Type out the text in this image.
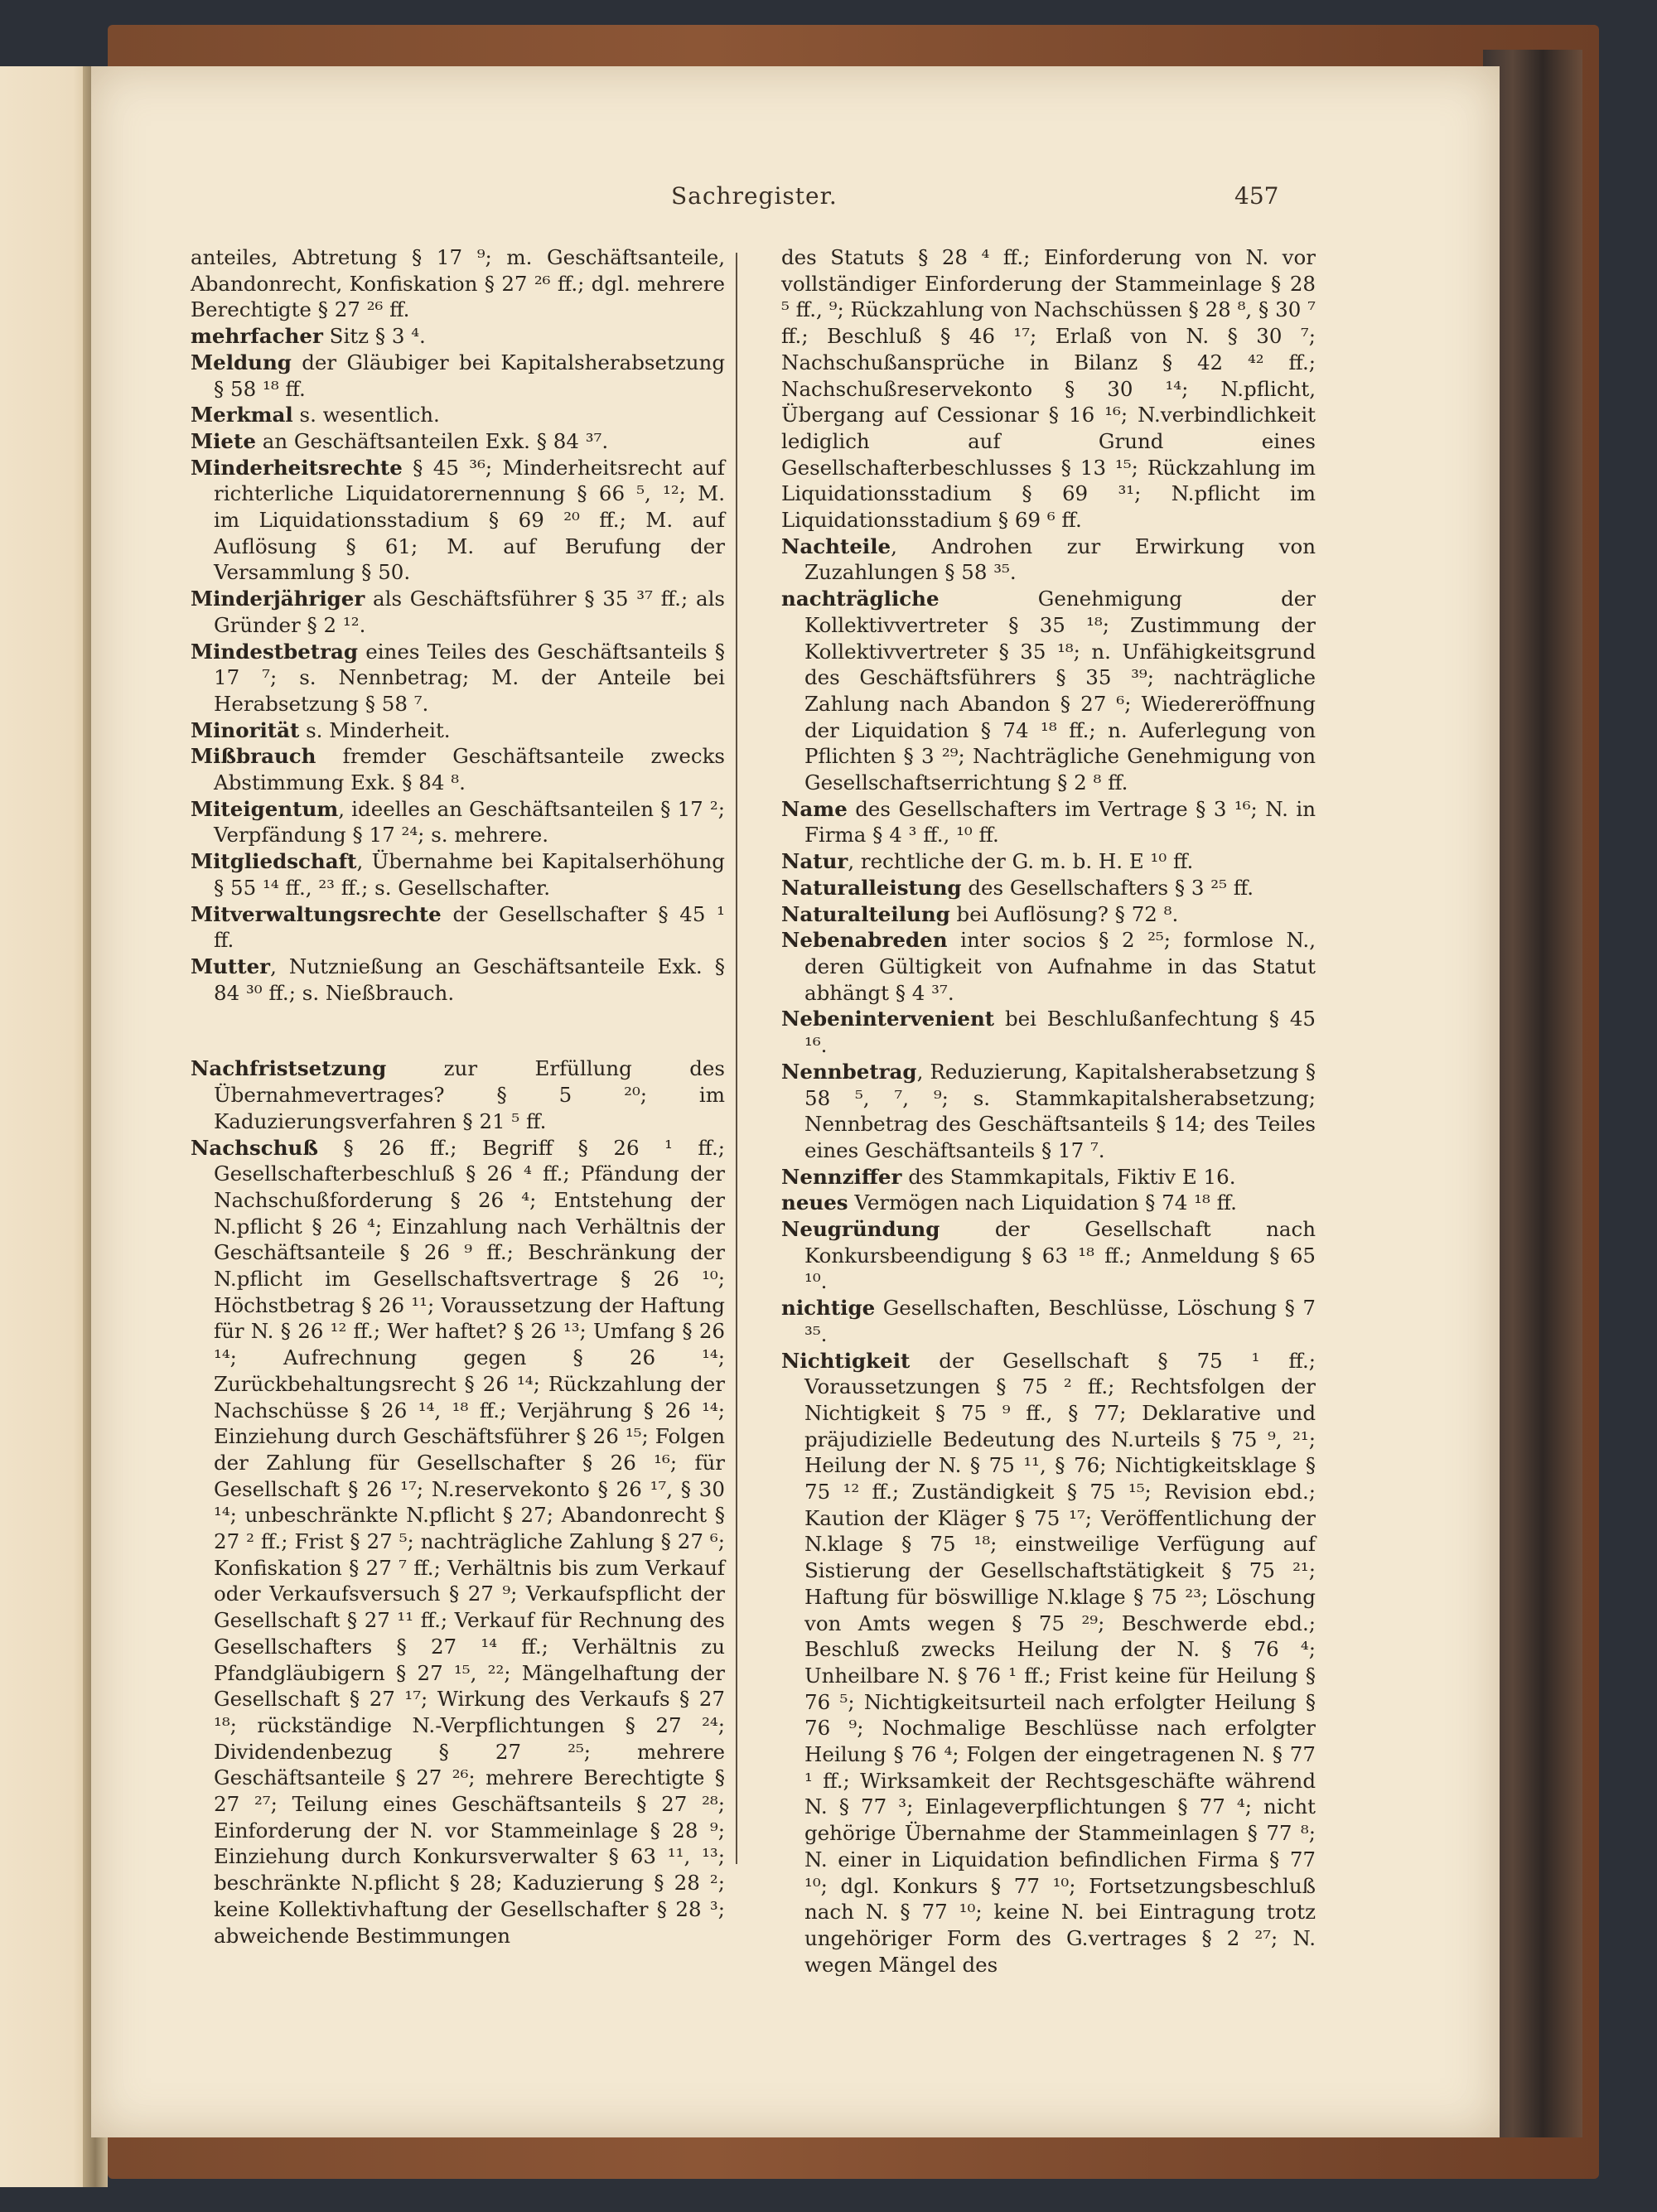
Sachregister.	457

anteiles, Abtretung § 17 ⁹; m. Geschäftsanteile, Abandonrecht, Konfiskation § 27 ²⁶ ff.; dgl. mehrere Berechtigte § 27 ²⁶ ff.

mehrfacher Sitz § 3 ⁴.

Meldung der Gläubiger bei Kapitalsherabsetzung § 58 ¹⁸ ff.

Merkmal s. wesentlich.

Miete an Geschäftsanteilen Exk. § 84 ³⁷.

Minderheitsrechte § 45 ³⁶; Minderheitsrecht auf richterliche Liquidatorernennung § 66 ⁵, ¹²; M. im Liquidationsstadium § 69 ²⁰ ff.; M. auf Auflösung § 61; M. auf Berufung der Versammlung § 50.

Minderjähriger als Geschäftsführer § 35 ³⁷ ff.; als Gründer § 2 ¹².

Mindestbetrag eines Teiles des Geschäftsanteils § 17 ⁷; s. Nennbetrag; M. der Anteile bei Herabsetzung § 58 ⁷.

Minorität s. Minderheit.

Mißbrauch fremder Geschäftsanteile zwecks Abstimmung Exk. § 84 ⁸.

Miteigentum, ideelles an Geschäftsanteilen § 17 ²; Verpfändung § 17 ²⁴; s. mehrere.

Mitgliedschaft, Übernahme bei Kapitalserhöhung § 55 ¹⁴ ff., ²³ ff.; s. Gesellschafter.

Mitverwaltungsrechte der Gesellschafter § 45 ¹ ff.

Mutter, Nutznießung an Geschäftsanteile Exk. § 84 ³⁰ ff.; s. Nießbrauch.

Nachfristsetzung zur Erfüllung des Übernahmevertrages? § 5 ²⁰; im Kaduzierungsverfahren § 21 ⁵ ff.

Nachschuß § 26 ff.; Begriff § 26 ¹ ff.; Gesellschafterbeschluß § 26 ⁴ ff.; Pfändung der Nachschußforderung § 26 ⁴; Entstehung der N.pflicht § 26 ⁴; Einzahlung nach Verhältnis der Geschäftsanteile § 26 ⁹ ff.; Beschränkung der N.pflicht im Gesellschaftsvertrage § 26 ¹⁰; Höchstbetrag § 26 ¹¹; Voraussetzung der Haftung für N. § 26 ¹² ff.; Wer haftet? § 26 ¹³; Umfang § 26 ¹⁴; Aufrechnung gegen § 26 ¹⁴; Zurückbehaltungsrecht § 26 ¹⁴; Rückzahlung der Nachschüsse § 26 ¹⁴, ¹⁸ ff.; Verjährung § 26 ¹⁴; Einziehung durch Geschäftsführer § 26 ¹⁵; Folgen der Zahlung für Gesellschafter § 26 ¹⁶; für Gesellschaft § 26 ¹⁷; N.reservekonto § 26 ¹⁷, § 30 ¹⁴; unbeschränkte N.pflicht § 27; Abandonrecht § 27 ² ff.; Frist § 27 ⁵; nachträgliche Zahlung § 27 ⁶; Konfiskation § 27 ⁷ ff.; Verhältnis bis zum Verkauf oder Verkaufsversuch § 27 ⁹; Verkaufspflicht der Gesellschaft § 27 ¹¹ ff.; Verkauf für Rechnung des Gesellschafters § 27 ¹⁴ ff.; Verhältnis zu Pfandgläubigern § 27 ¹⁵, ²²; Mängelhaftung der Gesellschaft § 27 ¹⁷; Wirkung des Verkaufs § 27 ¹⁸; rückständige N.-Verpflichtungen § 27 ²⁴; Dividendenbezug § 27 ²⁵; mehrere Geschäftsanteile § 27 ²⁶; mehrere Berechtigte § 27 ²⁷; Teilung eines Geschäftsanteils § 27 ²⁸; Einforderung der N. vor Stammeinlage § 28 ⁹; Einziehung durch Konkursverwalter § 63 ¹¹, ¹³; beschränkte N.pflicht § 28; Kaduzierung § 28 ²; keine Kollektivhaftung der Gesellschafter § 28 ³; abweichende Bestimmungen

des Statuts § 28 ⁴ ff.; Einforderung von N. vor vollständiger Einforderung der Stammeinlage § 28 ⁵ ff., ⁹; Rückzahlung von Nachschüssen § 28 ⁸, § 30 ⁷ ff.; Beschluß § 46 ¹⁷; Erlaß von N. § 30 ⁷; Nachschußansprüche in Bilanz § 42 ⁴² ff.; Nachschußreservekonto § 30 ¹⁴; N.pflicht, Übergang auf Cessionar § 16 ¹⁶; N.verbindlichkeit lediglich auf Grund eines Gesellschafterbeschlusses § 13 ¹⁵; Rückzahlung im Liquidationsstadium § 69 ³¹; N.pflicht im Liquidationsstadium § 69 ⁶ ff.

Nachteile, Androhen zur Erwirkung von Zuzahlungen § 58 ³⁵.

nachträgliche Genehmigung der Kollektivvertreter § 35 ¹⁸; Zustimmung der Kollektivvertreter § 35 ¹⁸; n. Unfähigkeitsgrund des Geschäftsführers § 35 ³⁹; nachträgliche Zahlung nach Abandon § 27 ⁶; Wiedereröffnung der Liquidation § 74 ¹⁸ ff.; n. Auferlegung von Pflichten § 3 ²⁹; Nachträgliche Genehmigung von Gesellschaftserrichtung § 2 ⁸ ff.

Name des Gesellschafters im Vertrage § 3 ¹⁶; N. in Firma § 4 ³ ff., ¹⁰ ff.

Natur, rechtliche der G. m. b. H. E ¹⁰ ff.

Naturalleistung des Gesellschafters § 3 ²⁵ ff.

Naturalteilung bei Auflösung? § 72 ⁸.

Nebenabreden inter socios § 2 ²⁵; formlose N., deren Gültigkeit von Aufnahme in das Statut abhängt § 4 ³⁷.

Nebenintervenient bei Beschlußanfechtung § 45 ¹⁶.

Nennbetrag, Reduzierung, Kapitalsherabsetzung § 58 ⁵, ⁷, ⁹; s. Stammkapitalsherabsetzung; Nennbetrag des Geschäftsanteils § 14; des Teiles eines Geschäftsanteils § 17 ⁷.

Nennziffer des Stammkapitals, Fiktiv E 16.

neues Vermögen nach Liquidation § 74 ¹⁸ ff.

Neugründung der Gesellschaft nach Konkursbeendigung § 63 ¹⁸ ff.; Anmeldung § 65 ¹⁰.

nichtige Gesellschaften, Beschlüsse, Löschung § 7 ³⁵.

Nichtigkeit der Gesellschaft § 75 ¹ ff.; Voraussetzungen § 75 ² ff.; Rechtsfolgen der Nichtigkeit § 75 ⁹ ff., § 77; Deklarative und präjudizielle Bedeutung des N.urteils § 75 ⁹, ²¹; Heilung der N. § 75 ¹¹, § 76; Nichtigkeitsklage § 75 ¹² ff.; Zuständigkeit § 75 ¹⁵; Revision ebd.; Kaution der Kläger § 75 ¹⁷; Veröffentlichung der N.klage § 75 ¹⁸; einstweilige Verfügung auf Sistierung der Gesellschaftstätigkeit § 75 ²¹; Haftung für böswillige N.klage § 75 ²³; Löschung von Amts wegen § 75 ²⁹; Beschwerde ebd.; Beschluß zwecks Heilung der N. § 76 ⁴; Unheilbare N. § 76 ¹ ff.; Frist keine für Heilung § 76 ⁵; Nichtigkeitsurteil nach erfolgter Heilung § 76 ⁹; Nochmalige Beschlüsse nach erfolgter Heilung § 76 ⁴; Folgen der eingetragenen N. § 77 ¹ ff.; Wirksamkeit der Rechtsgeschäfte während N. § 77 ³; Einlageverpflichtungen § 77 ⁴; nicht gehörige Übernahme der Stammeinlagen § 77 ⁸; N. einer in Liquidation befindlichen Firma § 77 ¹⁰; dgl. Konkurs § 77 ¹⁰; Fortsetzungsbeschluß nach N. § 77 ¹⁰; keine N. bei Eintragung trotz ungehöriger Form des G.vertrages § 2 ²⁷; N. wegen Mängel des
